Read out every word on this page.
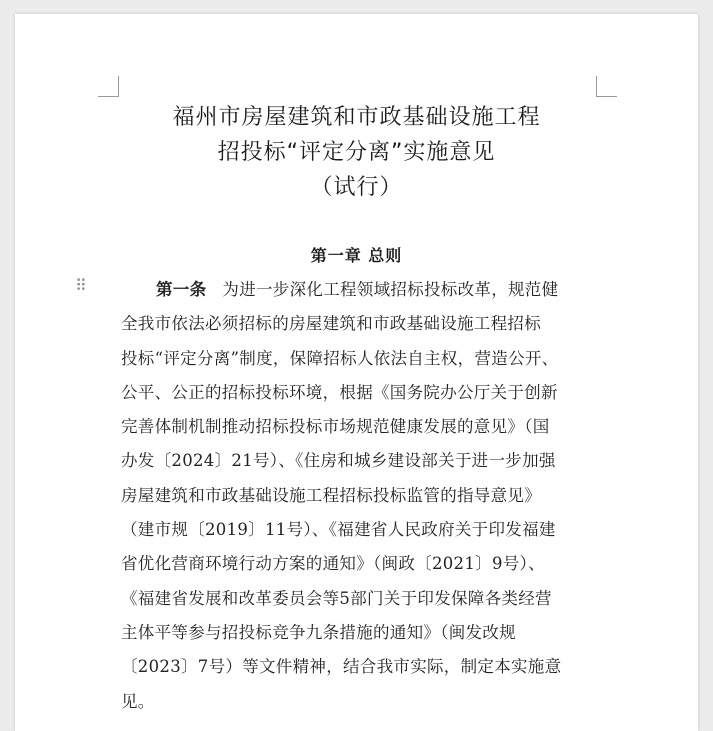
福州市房屋建筑和市政基础设施工程
招投标“评定分离”实施意见
（试行）
第一章 总则
⠿	第一条 为进一步深化工程领域招标投标改革，规范健
全我市依法必须招标的房屋建筑和市政基础设施工程招标
投标“评定分离”制度，保障招标人依法自主权，营造公开、
公平、公正的招标投标环境，根据《国务院办公厅关于创新
完善体制机制推动招标投标市场规范健康发展的意见》（国
办发〔2024〕21号）、《住房和城乡建设部关于进一步加强
房屋建筑和市政基础设施工程招标投标监管的指导意见》
（建市规〔2019〕11号）、《福建省人民政府关于印发福建
省优化营商环境行动方案的通知》（闽政〔2021〕9号）、
《福建省发展和改革委员会等5部门关于印发保障各类经营
主体平等参与招投标竞争九条措施的通知》（闽发改规
〔2023〕7号）等文件精神，结合我市实际，制定本实施意
见。
